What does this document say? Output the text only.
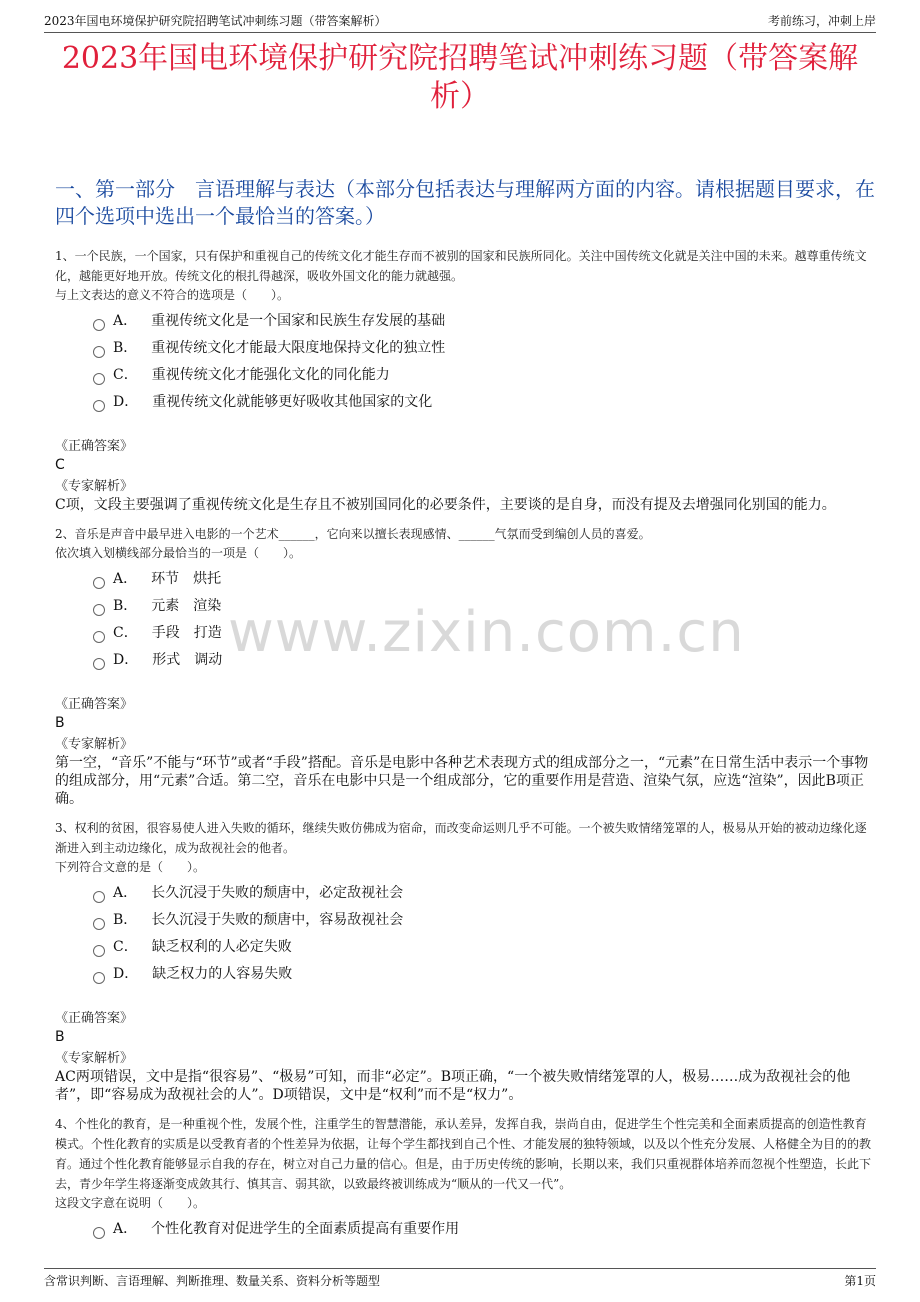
2023年国电环境保护研究院招聘笔试冲刺练习题（带答案解析）	考前练习，冲刺上岸
2023年国电环境保护研究院招聘笔试冲刺练习题（带答案解析）
一、第一部分　言语理解与表达（本部分包括表达与理解两方面的内容。请根据题目要求，在四个选项中选出一个最恰当的答案。）
www.zixin.com.cn
1、一个民族，一个国家，只有保护和重视自己的传统文化才能生存而不被别的国家和民族所同化。关注中国传统文化就是关注中国的未来。越尊重传统文化，越能更好地开放。传统文化的根扎得越深，吸收外国文化的能力就越强。
与上文表达的意义不符合的选项是（　　）。
A． 重视传统文化是一个国家和民族生存发展的基础
B． 重视传统文化才能最大限度地保持文化的独立性
C． 重视传统文化才能强化文化的同化能力
D． 重视传统文化就能够更好吸收其他国家的文化
《正确答案》
C
《专家解析》
C项，文段主要强调了重视传统文化是生存且不被别国同化的必要条件，主要谈的是自身，而没有提及去增强同化别国的能力。
2、音乐是声音中最早进入电影的一个艺术______，它向来以擅长表现感情、______气氛而受到编创人员的喜爱。
依次填入划横线部分最恰当的一项是（　　）。
A． 环节　烘托
B． 元素　渲染
C． 手段　打造
D． 形式　调动
《正确答案》
B
《专家解析》
第一空，“音乐”不能与“环节”或者“手段”搭配。音乐是电影中各种艺术表现方式的组成部分之一，“元素”在日常生活中表示一个事物的组成部分，用“元素”合适。第二空，音乐在电影中只是一个组成部分，它的重要作用是营造、渲染气氛，应选“渲染”，因此B项正确。
3、权利的贫困，很容易使人进入失败的循环，继续失败仿佛成为宿命，而改变命运则几乎不可能。一个被失败情绪笼罩的人，极易从开始的被动边缘化逐渐进入到主动边缘化，成为敌视社会的他者。
下列符合文意的是（　　）。
A． 长久沉浸于失败的颓唐中，必定敌视社会
B． 长久沉浸于失败的颓唐中，容易敌视社会
C． 缺乏权利的人必定失败
D． 缺乏权力的人容易失败
《正确答案》
B
《专家解析》
AC两项错误，文中是指“很容易”、“极易”可知，而非“必定”。B项正确，“一个被失败情绪笼罩的人，极易……成为敌视社会的他者”，即“容易成为敌视社会的人”。D项错误，文中是“权利”而不是“权力”。
4、个性化的教育，是一种重视个性，发展个性，注重学生的智慧潜能，承认差异，发挥自我，崇尚自由，促进学生个性完美和全面素质提高的创造性教育模式。个性化教育的实质是以受教育者的个性差异为依据，让每个学生都找到自己个性、才能发展的独特领域，以及以个性充分发展、人格健全为目的的教育。通过个性化教育能够显示自我的存在，树立对自己力量的信心。但是，由于历史传统的影响，长期以来，我们只重视群体培养而忽视个性塑造，长此下去，青少年学生将逐渐变成敛其行、慎其言、弱其欲，以致最终被训练成为“顺从的一代又一代”。
这段文字意在说明（　　）。
A． 个性化教育对促进学生的全面素质提高有重要作用
含常识判断、言语理解、判断推理、数量关系、资料分析等题型	第1页
